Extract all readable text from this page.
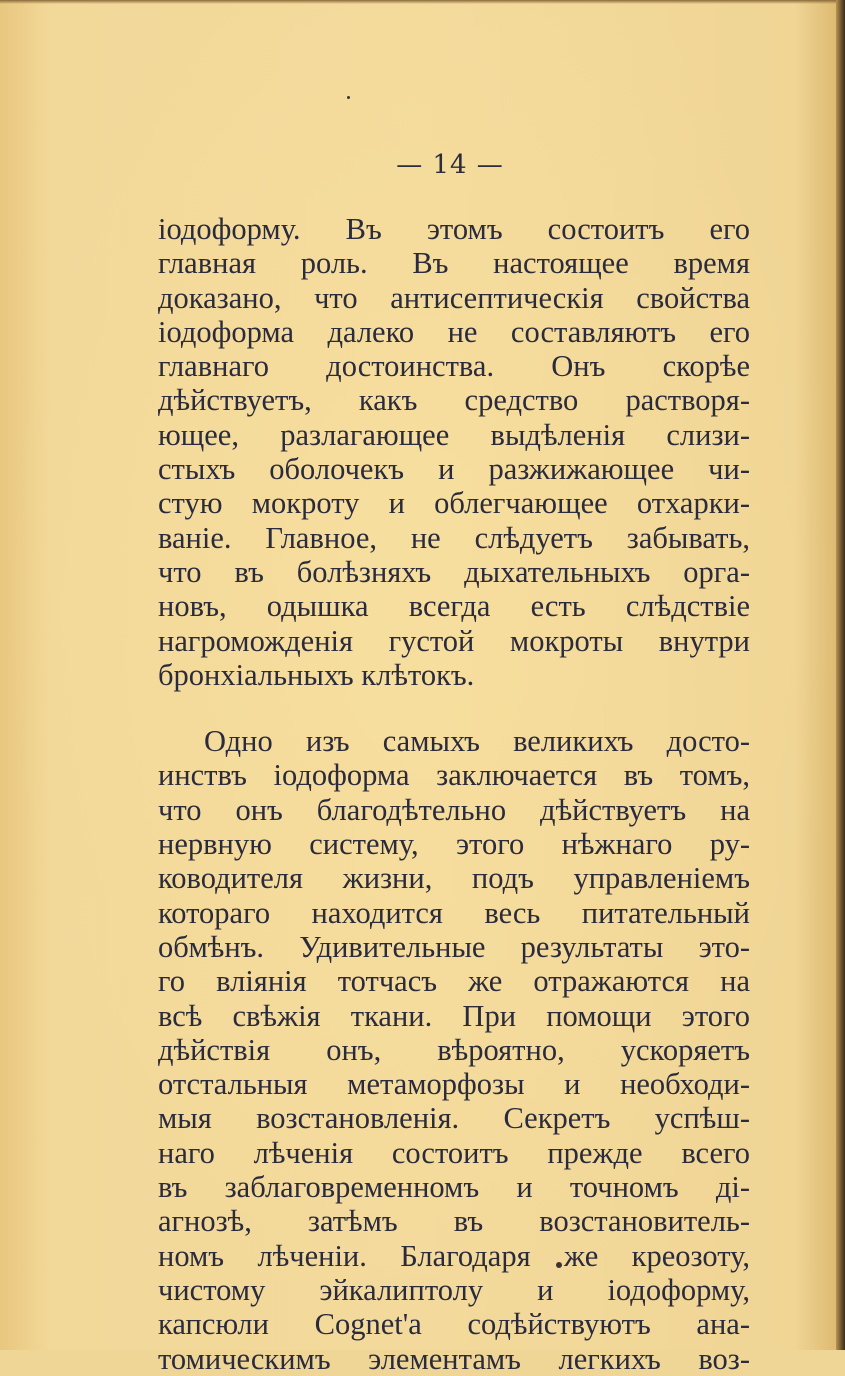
— 14 —
іодоформу. Въ этомъ состоитъ его
главная роль. Въ настоящее время
доказано, что антисептическія свойства
іодоформа далеко не составляютъ его
главнаго достоинства. Онъ скорѣе
дѣйствуетъ, какъ средство растворя-
ющее, разлагающее выдѣленія слизи-
стыхъ оболочекъ и разжижающее чи-
стую мокроту и облегчающее отхарки-
ваніе. Главное, не слѣдуетъ забывать,
что въ болѣзняхъ дыхательныхъ орга-
новъ, одышка всегда есть слѣдствіе
нагроможденія густой мокроты внутри
бронхіальныхъ клѣтокъ.
Одно изъ самыхъ великихъ досто-
инствъ іодоформа заключается въ томъ,
что онъ благодѣтельно дѣйствуетъ на
нервную систему, этого нѣжнаго ру-
ководителя жизни, подъ управленіемъ
котораго находится весь питательный
обмѣнъ. Удивительные результаты это-
го вліянія тотчасъ же отражаются на
всѣ свѣжія ткани. При помощи этого
дѣйствія онъ, вѣроятно, ускоряетъ
отстальныя метаморфозы и необходи-
мыя возстановленія. Секретъ успѣш-
наго лѣченія состоитъ прежде всего
въ заблаговременномъ и точномъ ді-
агнозѣ, затѣмъ въ возстановитель-
номъ лѣченіи. Благодаря же креозоту,
чистому эйкалиптолу и іодоформу,
капсюли Cognet'а содѣйствуютъ ана-
томическимъ элементамъ легкихъ воз-
